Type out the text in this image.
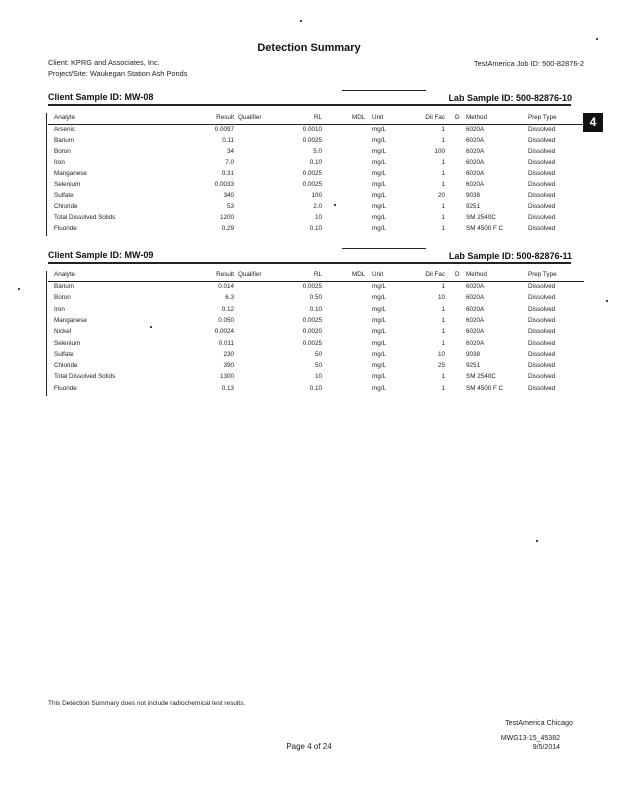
Detection Summary
Client: KPRG and Associates, Inc.
Project/Site: Waukegan Station Ash Ponds
TestAmerica Job ID: 500-82876-2
4
Client Sample ID: MW-08	Lab Sample ID: 500-82876-10
Analyte	Result Qualifier	RL	MDL Unit	Dil Fac D Method	Prep Type
Arsenic	0.0097	0.0010	mg/L	1	6020A	Dissolved
Barium	0.11	0.0025	mg/L	1	6020A	Dissolved
Boron	34	5.0	mg/L	100	6020A	Dissolved
Iron	7.0	0.10	mg/L	1	6020A	Dissolved
Manganese	0.31	0.0025	mg/L	1	6020A	Dissolved
Selenium	0.0033	0.0025	mg/L	1	6020A	Dissolved
Sulfate	340	100	mg/L	20	9038	Dissolved
Chloride	53	2.0	mg/L	1	9251	Dissolved
Total Dissolved Solids	1200	10	mg/L	1	SM 2540C	Dissolved
Fluoride	0.29	0.10	mg/L	1	SM 4500 F C	Dissolved
Client Sample ID: MW-09	Lab Sample ID: 500-82876-11
Analyte	Result Qualifier	RL	MDL Unit	Dil Fac D Method	Prep Type
Barium	0.014	0.0025	mg/L	1	6020A	Dissolved
Boron	6.3	0.50	mg/L	10	6020A	Dissolved
Iron	0.12	0.10	mg/L	1	6020A	Dissolved
Manganese	0.050	0.0025	mg/L	1	6020A	Dissolved
Nickel	0.0024	0.0020	mg/L	1	6020A	Dissolved
Selenium	0.011	0.0025	mg/L	1	6020A	Dissolved
Sulfate	230	50	mg/L	10	9038	Dissolved
Chloride	390	50	mg/L	25	9251	Dissolved
Total Dissolved Solids	1300	10	mg/L	1	SM 2540C	Dissolved
Fluoride	0.13	0.10	mg/L	1	SM 4500 F C	Dissolved
This Detection Summary does not include radiochemical test results.
TestAmerica Chicago
Page 4 of 24
MWG13-15_45382
9/5/2014
